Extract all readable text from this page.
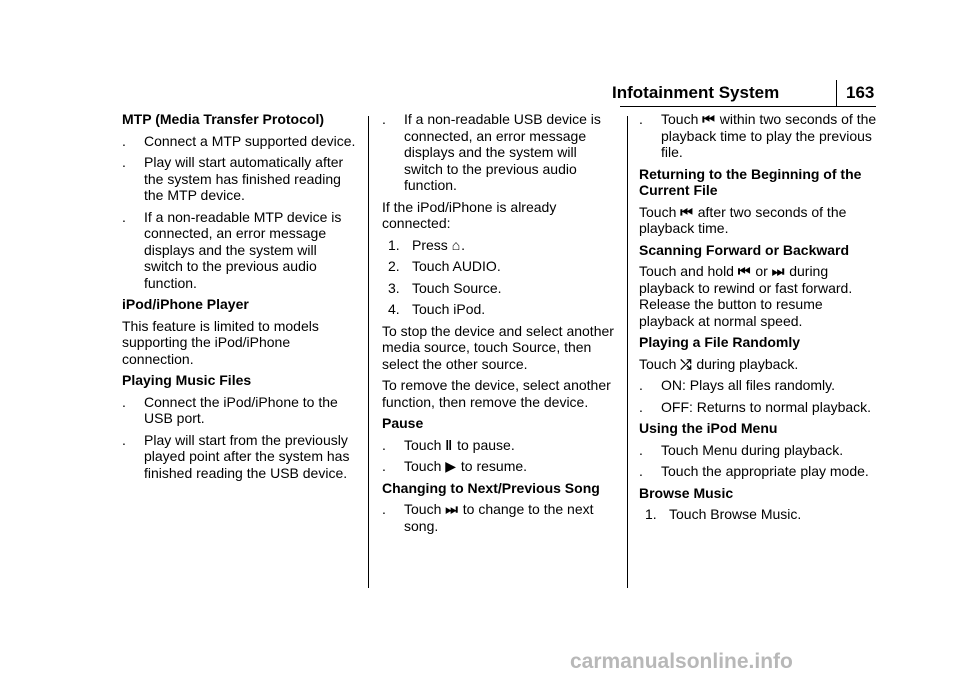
Infotainment System	163
MTP (Media Transfer Protocol)
. Connect a MTP supported device.
. Play will start automatically after the system has finished reading the MTP device.
. If a non-readable MTP device is connected, an error message displays and the system will switch to the previous audio function.
iPod/iPhone Player

This feature is limited to models supporting the iPod/iPhone connection.

Playing Music Files
. Connect the iPod/iPhone to the USB port.
. Play will start from the previously played point after the system has finished reading the USB device.
. If a non-readable USB device is connected, an error message displays and the system will switch to the previous audio function.

If the iPod/iPhone is already connected:

1. Press ⌂.
2. Touch AUDIO.
3. Touch Source.
4. Touch iPod.

To stop the device and select another media source, touch Source, then select the other source.

To remove the device, select another function, then remove the device.

Pause
. Touch ‖ to pause.
. Touch ▶ to resume.
Changing to Next/Previous Song
. Touch ⏭ to change to the next song.
. Touch ⏮ within two seconds of the playback time to play the previous file.
Returning to the Beginning of the Current File

Touch ⏮ after two seconds of the playback time.

Scanning Forward or Backward

Touch and hold ⏮ or ⏭ during playback to rewind or fast forward. Release the button to resume playback at normal speed.

Playing a File Randomly

Touch ⤮ during playback.

. ON: Plays all files randomly.
. OFF: Returns to normal playback.
Using the iPod Menu
. Touch Menu during playback.
. Touch the appropriate play mode.
Browse Music
1. Touch Browse Music.
carmanualsonline.info
